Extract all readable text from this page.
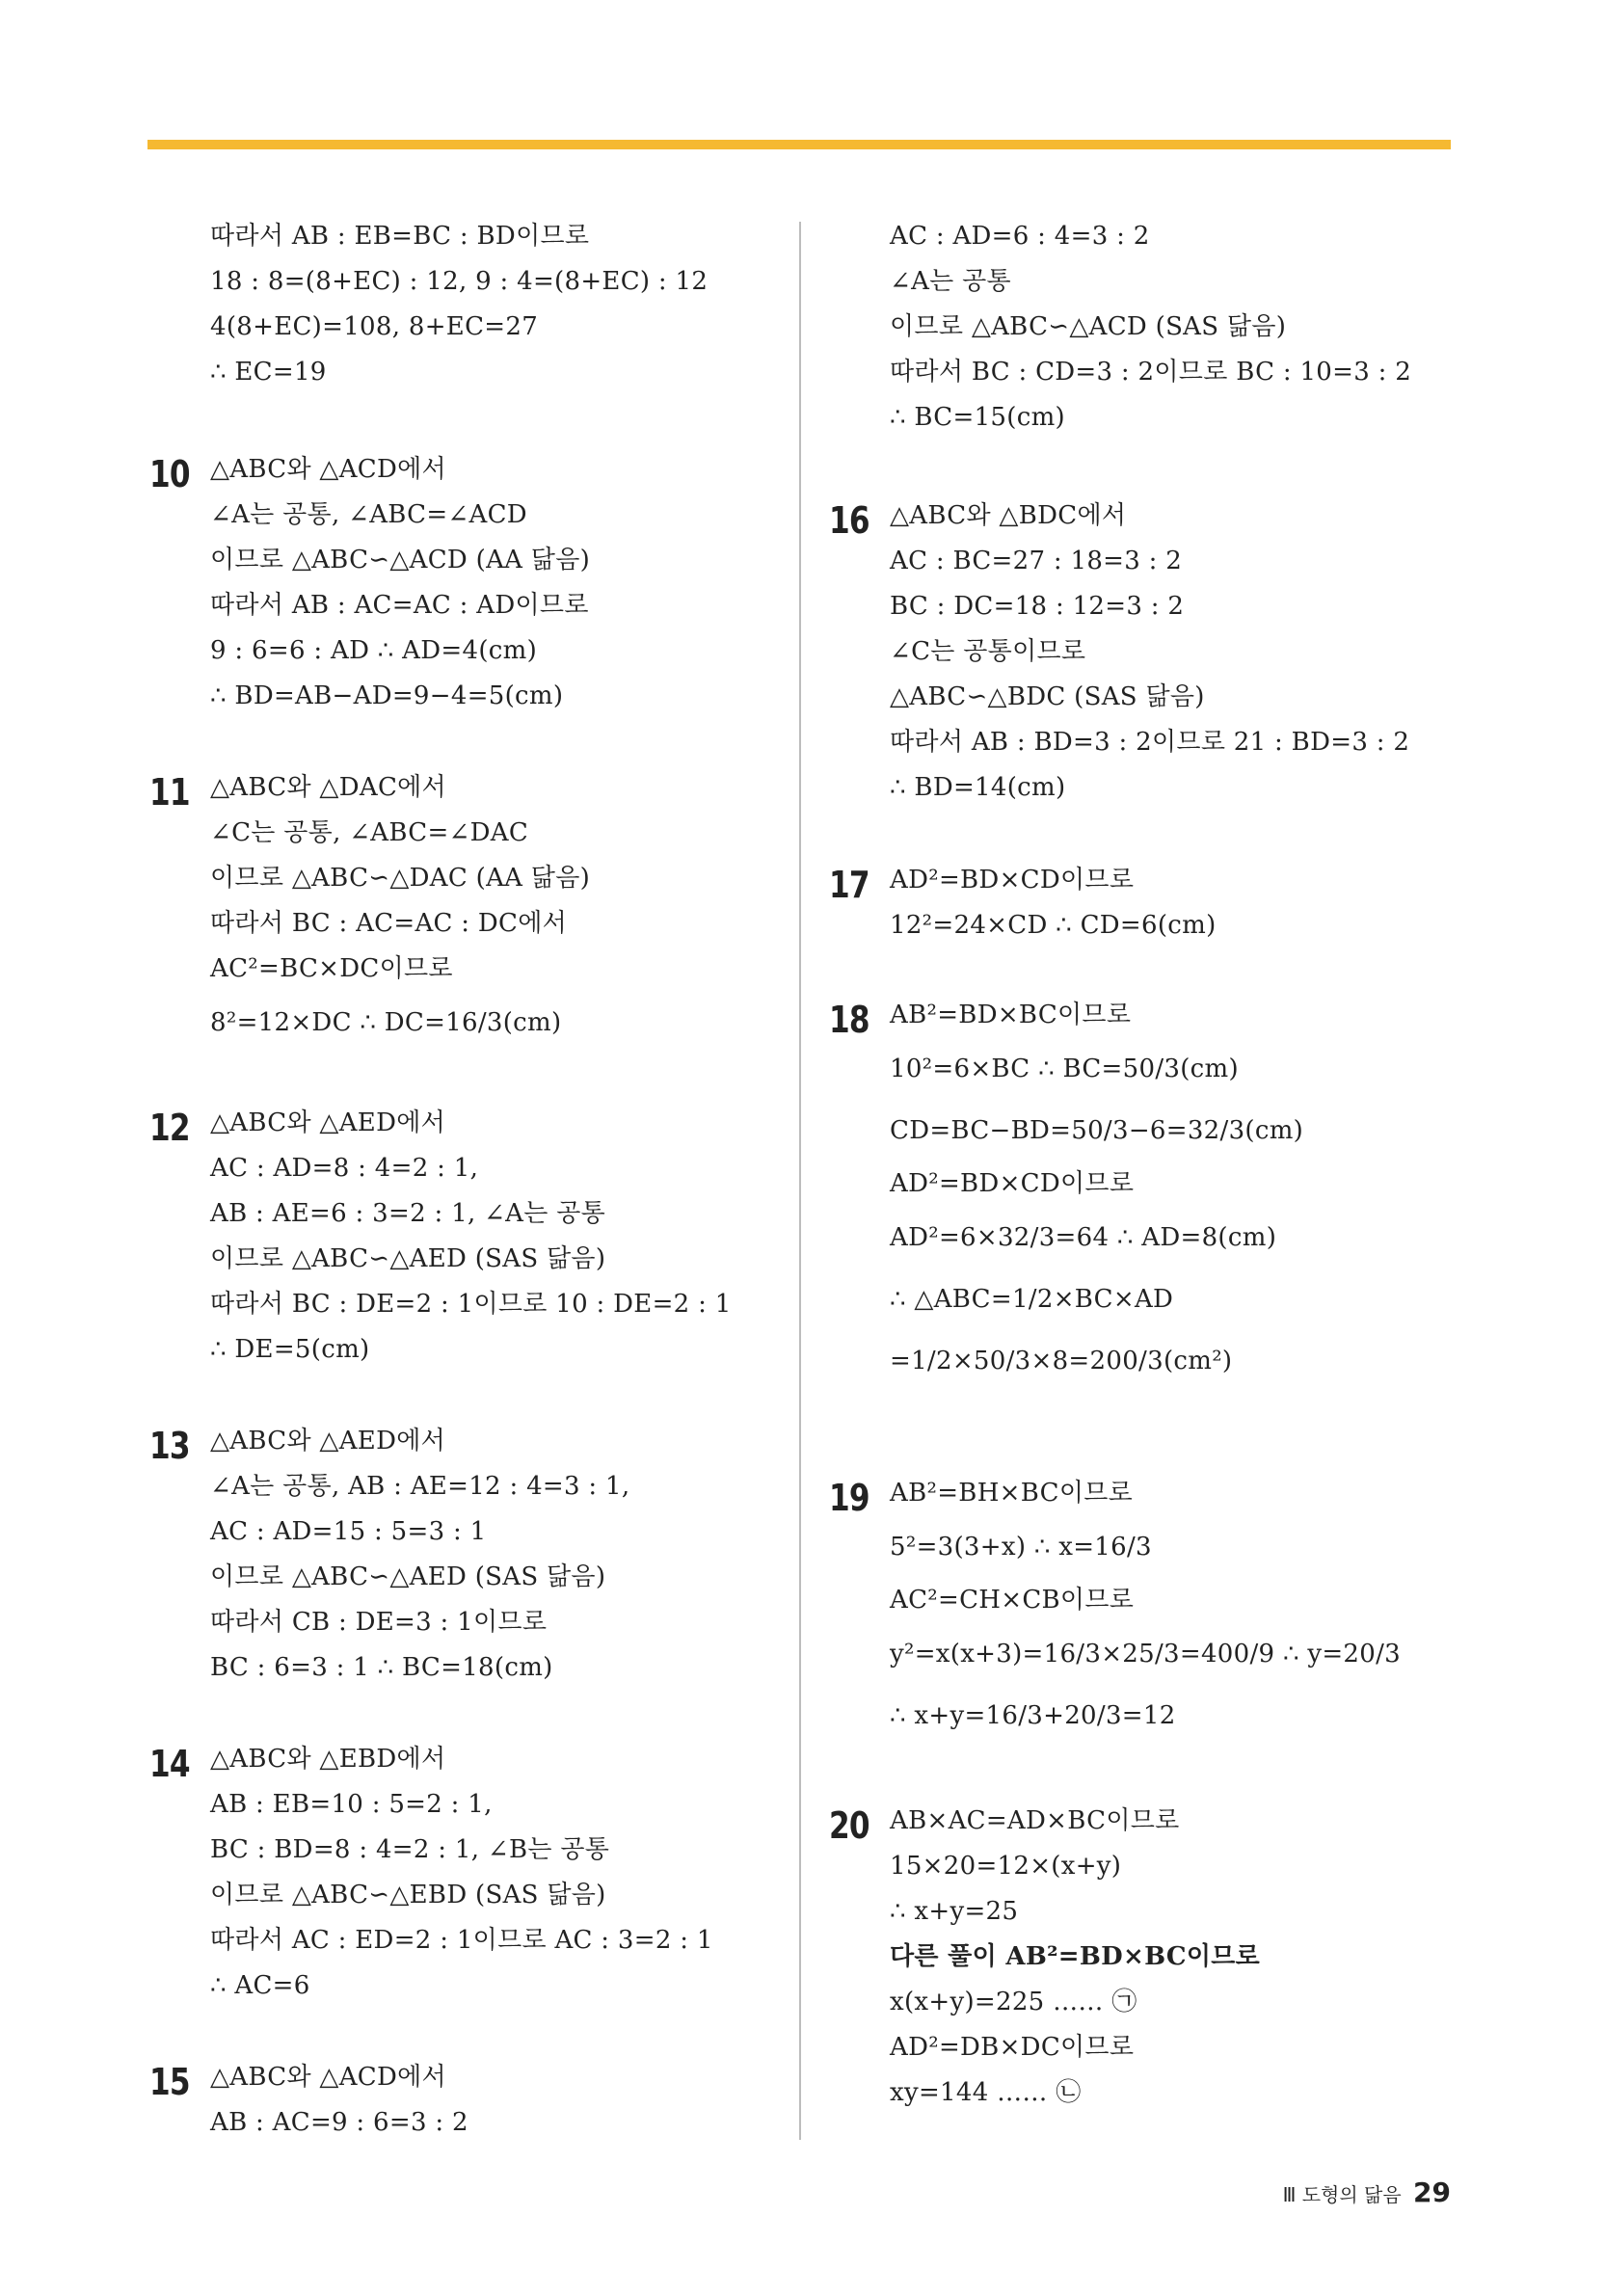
따라서 AB : EB=BC : BD이므로
18 : 8=(8+EC) : 12, 9 : 4=(8+EC) : 12
4(8+EC)=108, 8+EC=27
∴ EC=19
10 △ABC와 △ACD에서
∠A는 공통, ∠ABC=∠ACD
이므로 △ABC∽△ACD (AA 닮음)
따라서 AB : AC=AC : AD이므로
9 : 6=6 : AD ∴ AD=4(cm)
∴ BD=AB−AD=9−4=5(cm)
11 △ABC와 △DAC에서
∠C는 공통, ∠ABC=∠DAC
이므로 △ABC∽△DAC (AA 닮음)
따라서 BC : AC=AC : DC에서
AC²=BC×DC이므로
8²=12×DC ∴ DC=16/3(cm)
12 △ABC와 △AED에서
AC : AD=8 : 4=2 : 1,
AB : AE=6 : 3=2 : 1, ∠A는 공통
이므로 △ABC∽△AED (SAS 닮음)
따라서 BC : DE=2 : 1이므로 10 : DE=2 : 1
∴ DE=5(cm)
13 △ABC와 △AED에서
∠A는 공통, AB : AE=12 : 4=3 : 1,
AC : AD=15 : 5=3 : 1
이므로 △ABC∽△AED (SAS 닮음)
따라서 CB : DE=3 : 1이므로
BC : 6=3 : 1 ∴ BC=18(cm)
14 △ABC와 △EBD에서
AB : EB=10 : 5=2 : 1,
BC : BD=8 : 4=2 : 1, ∠B는 공통
이므로 △ABC∽△EBD (SAS 닮음)
따라서 AC : ED=2 : 1이므로 AC : 3=2 : 1
∴ AC=6
15 △ABC와 △ACD에서
AB : AC=9 : 6=3 : 2
AC : AD=6 : 4=3 : 2
∠A는 공통
이므로 △ABC∽△ACD (SAS 닮음)
따라서 BC : CD=3 : 2이므로 BC : 10=3 : 2
∴ BC=15(cm)
16 △ABC와 △BDC에서
AC : BC=27 : 18=3 : 2
BC : DC=18 : 12=3 : 2
∠C는 공통이므로
△ABC∽△BDC (SAS 닮음)
따라서 AB : BD=3 : 2이므로 21 : BD=3 : 2
∴ BD=14(cm)
17 AD²=BD×CD이므로
12²=24×CD ∴ CD=6(cm)
18 AB²=BD×BC이므로
10²=6×BC ∴ BC=50/3(cm)
CD=BC−BD=50/3−6=32/3(cm)
AD²=BD×CD이므로
AD²=6×32/3=64 ∴ AD=8(cm)
∴ △ABC=1/2×BC×AD
=1/2×50/3×8=200/3(cm²)
19 AB²=BH×BC이므로
5²=3(3+x) ∴ x=16/3
AC²=CH×CB이므로
y²=x(x+3)=16/3×25/3=400/9 ∴ y=20/3
∴ x+y=16/3+20/3=12
20 AB×AC=AD×BC이므로
15×20=12×(x+y)
∴ x+y=25
다른 풀이 AB²=BD×BC이므로
x(x+y)=225 …… ㉠
AD²=DB×DC이므로
xy=144 …… ㉡
Ⅲ 도형의 닮음 29
